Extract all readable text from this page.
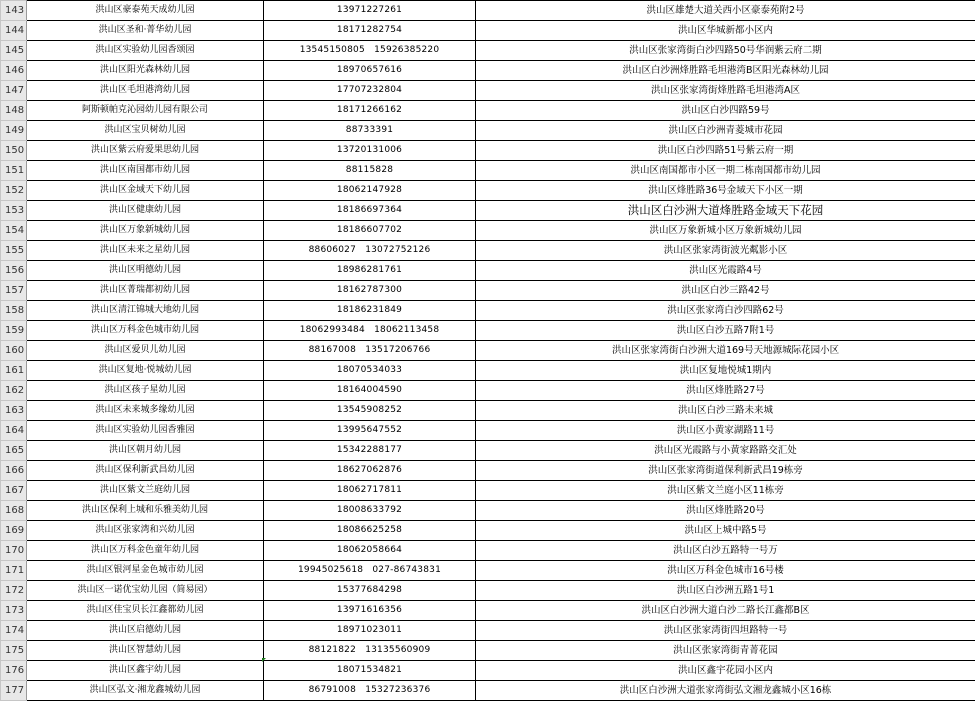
143	洪山区豪泰苑天成幼儿园	13971227261	洪山区雄楚大道关西小区豪泰苑附2号
144	洪山区圣和·菁华幼儿园	18171282754	洪山区华城新都小区内
145	洪山区实验幼儿园香颂园	13545150805　15926385220	洪山区张家湾街白沙四路50号华润紫云府二期
146	洪山区阳光森林幼儿园	18970657616	洪山区白沙洲烽胜路毛坦港湾B区阳光森林幼儿园
147	洪山区毛坦港湾幼儿园	17707232804	洪山区张家湾街烽胜路毛坦港湾A区
148	阿斯顿帕克沁园幼儿园有限公司	18171266162	洪山区白沙四路59号
149	洪山区宝贝树幼儿园	88733391	洪山区白沙洲青菱城市花园
150	洪山区紫云府爱果思幼儿园	13720131006	洪山区白沙四路51号紫云府一期
151	洪山区南国都市幼儿园	88115828	洪山区南国都市小区一期二栋南国都市幼儿园
152	洪山区金域天下幼儿园	18062147928	洪山区烽胜路36号金域天下小区一期
153	洪山区健康幼儿园	18186697364	洪山区白沙洲大道烽胜路金域天下花园
154	洪山区万象新城幼儿园	18186607702	洪山区万象新城小区万象新城幼儿园
155	洪山区未来之星幼儿园	88606027　13072752126	洪山区张家湾街波光粼影小区
156	洪山区明德幼儿园	18986281761	洪山区光霞路4号
157	洪山区菁瑞都初幼儿园	18162787300	洪山区白沙三路42号
158	洪山区清江锦城大地幼儿园	18186231849	洪山区张家湾白沙四路62号
159	洪山区万科金色城市幼儿园	18062993484　18062113458	洪山区白沙五路7附1号
160	洪山区爱贝儿幼儿园	88167008　13517206766	洪山区张家湾街白沙洲大道169号天地源城际花园小区
161	洪山区复地·悦城幼儿园	18070534033	洪山区复地悦城1期内
162	洪山区孩子星幼儿园	18164004590	洪山区烽胜路27号
163	洪山区未来城多缘幼儿园	13545908252	洪山区白沙三路未来城
164	洪山区实验幼儿园香雅园	13995647552	洪山区小黄家湖路11号
165	洪山区朝月幼儿园	15342288177	洪山区光霞路与小黄家路路交汇处
166	洪山区保利新武昌幼儿园	18627062876	洪山区张家湾街道保利新武昌19栋旁
167	洪山区紫文兰庭幼儿园	18062717811	洪山区紫文兰庭小区11栋旁
168	洪山区保利上城和乐雅美幼儿园	18008633792	洪山区烽胜路20号
169	洪山区张家湾和兴幼儿园	18086625258	洪山区上城中路5号
170	洪山区万科金色童年幼儿园	18062058664	洪山区白沙五路特一号万
171	洪山区银河星金色城市幼儿园	19945025618　027-86743831	洪山区万科金色城市16号楼
172	洪山区一诺优宝幼儿园（简易园）	15377684298	洪山区白沙洲五路1号1
173	洪山区佳宝贝长江鑫都幼儿园	13971616356	洪山区白沙洲大道白沙二路长江鑫都B区
174	洪山区启德幼儿园	18971023011	洪山区张家湾街四坦路特一号
175	洪山区智慧幼儿园	88121822　13135560909	洪山区张家湾街青菁花园
176	洪山区鑫宇幼儿园	18071534821	洪山区鑫宇花园小区内
177	洪山区弘文·湘龙鑫城幼儿园	86791008　15327236376	洪山区白沙洲大道张家湾街弘文湘龙鑫城小区16栋
